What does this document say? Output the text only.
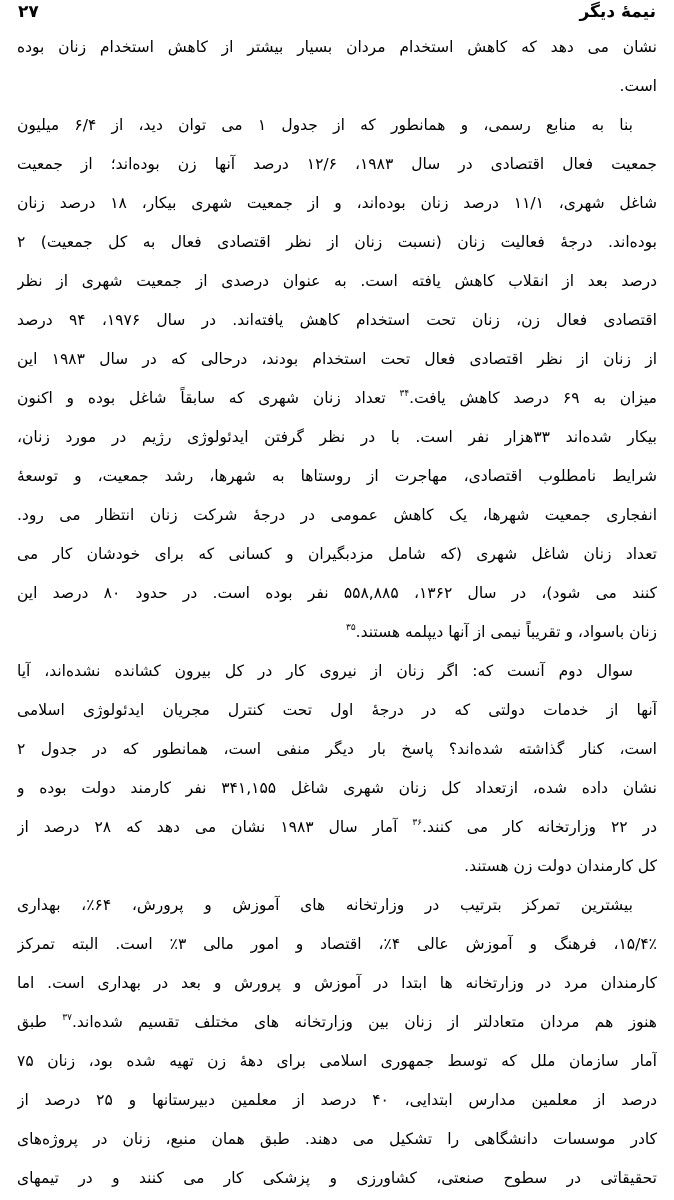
نیمهٔ دیگر
۲۷
نشان می دهد که کاهش استخدام مردان بسیار بیشتر از کاهش استخدام زنان بوده
است.
بنا به منابع رسمی، و همانطور که از جدول ۱ می توان دید، از ۶/۴ میلیون
جمعیت فعال اقتصادی در سال ۱۹۸۳، ۱۲/۶ درصد آنها زن بوده‌اند؛ از جمعیت
شاغل شهری، ۱۱/۱ درصد زنان بوده‌اند، و از جمعیت شهری بیکار، ۱۸ درصد زنان
بوده‌اند. درجهٔ فعالیت زنان (نسبت زنان از نظر اقتصادی فعال به کل جمعیت) ۲
درصد بعد از انقلاب کاهش یافته است. به عنوان درصدی از جمعیت شهری از نظر
اقتصادی فعال زن، زنان تحت استخدام کاهش یافته‌اند. در سال ۱۹۷۶، ۹۴ درصد
از زنان از نظر اقتصادی فعال تحت استخدام بودند، درحالی که در سال ۱۹۸۳ این
میزان به ۶۹ درصد کاهش یافت.$^{۳۴}$ تعداد زنان شهری که سابقاً شاغل بوده و اکنون
بیکار شده‌اند ۳۳هزار نفر است. با در نظر گرفتن ایدئولوژی رژیم در مورد زنان،
شرایط نامطلوب اقتصادی، مهاجرت از روستاها به شهرها، رشد جمعیت، و توسعهٔ
انفجاری جمعیت شهرها، یک کاهش عمومی در درجهٔ شرکت زنان انتظار می رود.
تعداد زنان شاغل شهری (که شامل مزدبگیران و کسانی که برای خودشان کار می
کنند می شود)، در سال ۱۳۶۲، ۵۵۸,۸۸۵ نفر بوده است. در حدود ۸۰ درصد این
زنان باسواد، و تقریباً نیمی از آنها دیپلمه هستند.$^{۳۵}$
سوال دوم آنست که: اگر زنان از نیروی کار در کل بیرون کشانده نشده‌اند، آیا
آنها از خدمات دولتی که در درجهٔ اول تحت کنترل مجریان ایدئولوژی اسلامی
است، کنار گذاشته شده‌اند؟ پاسخ بار دیگر منفی است، همانطور که در جدول ۲
نشان داده شده، ازتعداد کل زنان شهری شاغل ۳۴۱,۱۵۵ نفر کارمند دولت بوده و
در ۲۲ وزارتخانه کار می کنند.$^{۳۶}$ آمار سال ۱۹۸۳ نشان می دهد که ۲۸ درصد از
کل کارمندان دولت زن هستند.
بیشترین تمرکز بترتیب در وزارتخانه های آموزش و پرورش، ۶۴٪، بهداری
۱۵/۴٪، فرهنگ و آموزش عالی ۴٪، اقتصاد و امور مالی ۳٪ است. البته تمرکز
کارمندان مرد در وزارتخانه ها ابتدا در آموزش و پرورش و بعد در بهداری است. اما
هنوز هم مردان متعادلتر از زنان بین وزارتخانه های مختلف تقسیم شده‌اند.$^{۳۷}$ طبق
آمار سازمان ملل که توسط جمهوری اسلامی برای دههٔ زن تهیه شده بود، زنان ۷۵
درصد از معلمین مدارس ابتدایی، ۴۰ درصد از معلمین دبیرستانها و ۲۵ درصد از
کادر موسسات دانشگاهی را تشکیل می دهند. طبق همان منبع، زنان در پروژه‌های
تحقیقاتی در سطوح صنعتی، کشاورزی و پزشکی کار می کنند و در تیمهای
